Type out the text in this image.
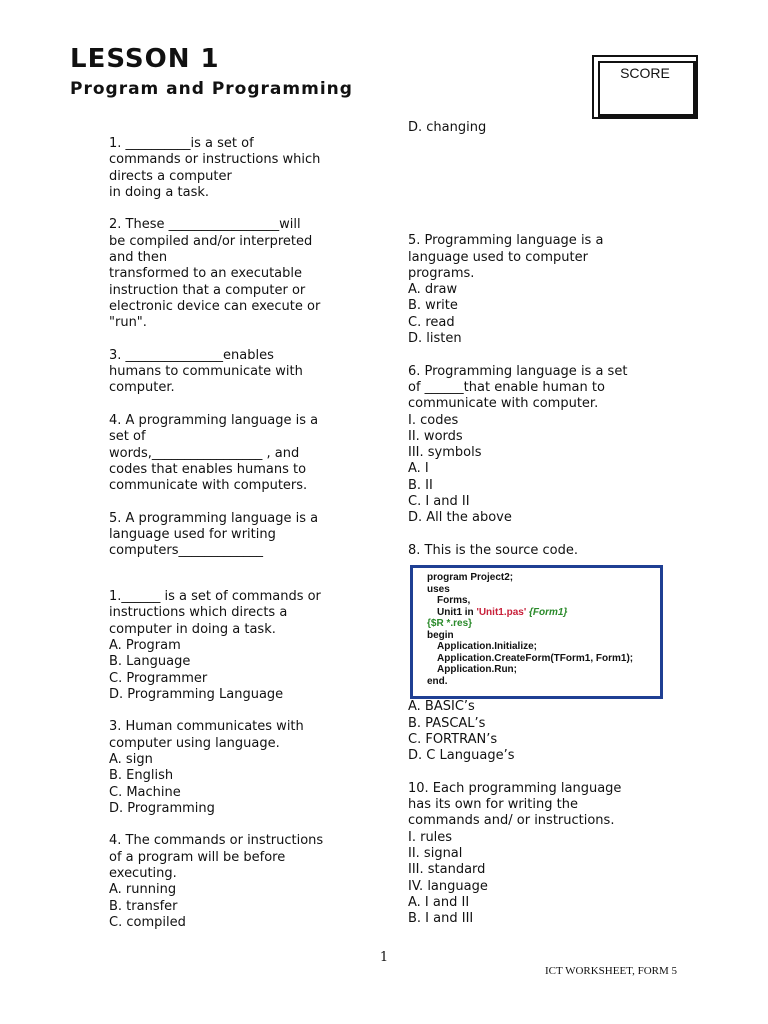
LESSON 1
Program and Programming
SCORE
1. __________is a set of
commands or instructions which
directs a computer
in doing a task.
2. These _________________will
be compiled and/or interpreted
and then
transformed to an executable
instruction that a computer or
electronic device can execute or
"run".
3. _______________enables
humans to communicate with
computer.
4. A programming language is a
set of
words,_________________ , and
codes that enables humans to
communicate with computers.
5. A programming language is a
language used for writing
computers_____________
1.______ is a set of commands or
instructions which directs a
computer in doing a task.
A. Program
B. Language
C. Programmer
D. Programming Language
3. Human communicates with
computer using language.
A. sign
B. English
C. Machine
D. Programming
4. The commands or instructions
of a program will be before
executing.
A. running
B. transfer
C. compiled
D. changing
5. Programming language is a
language used to computer
programs.
A. draw
B. write
C. read
D. listen
6. Programming language is a set
of ______that enable human to
communicate with computer.
I. codes
II. words
III. symbols
A. I
B. II
C. I and II
D. All the above
8. This is the source code.
program Project2;
uses
Forms,
Unit1 in 'Unit1.pas' {Form1}
{$R *.res}
begin
Application.Initialize;
Application.CreateForm(TForm1, Form1);
Application.Run;
end.
A. BASIC’s
B. PASCAL’s
C. FORTRAN’s
D. C Language’s
10. Each programming language
has its own for writing the
commands and/ or instructions.
I. rules
II. signal
III. standard
IV. language
A. I and II
B. I and III
1
ICT WORKSHEET, FORM 5
